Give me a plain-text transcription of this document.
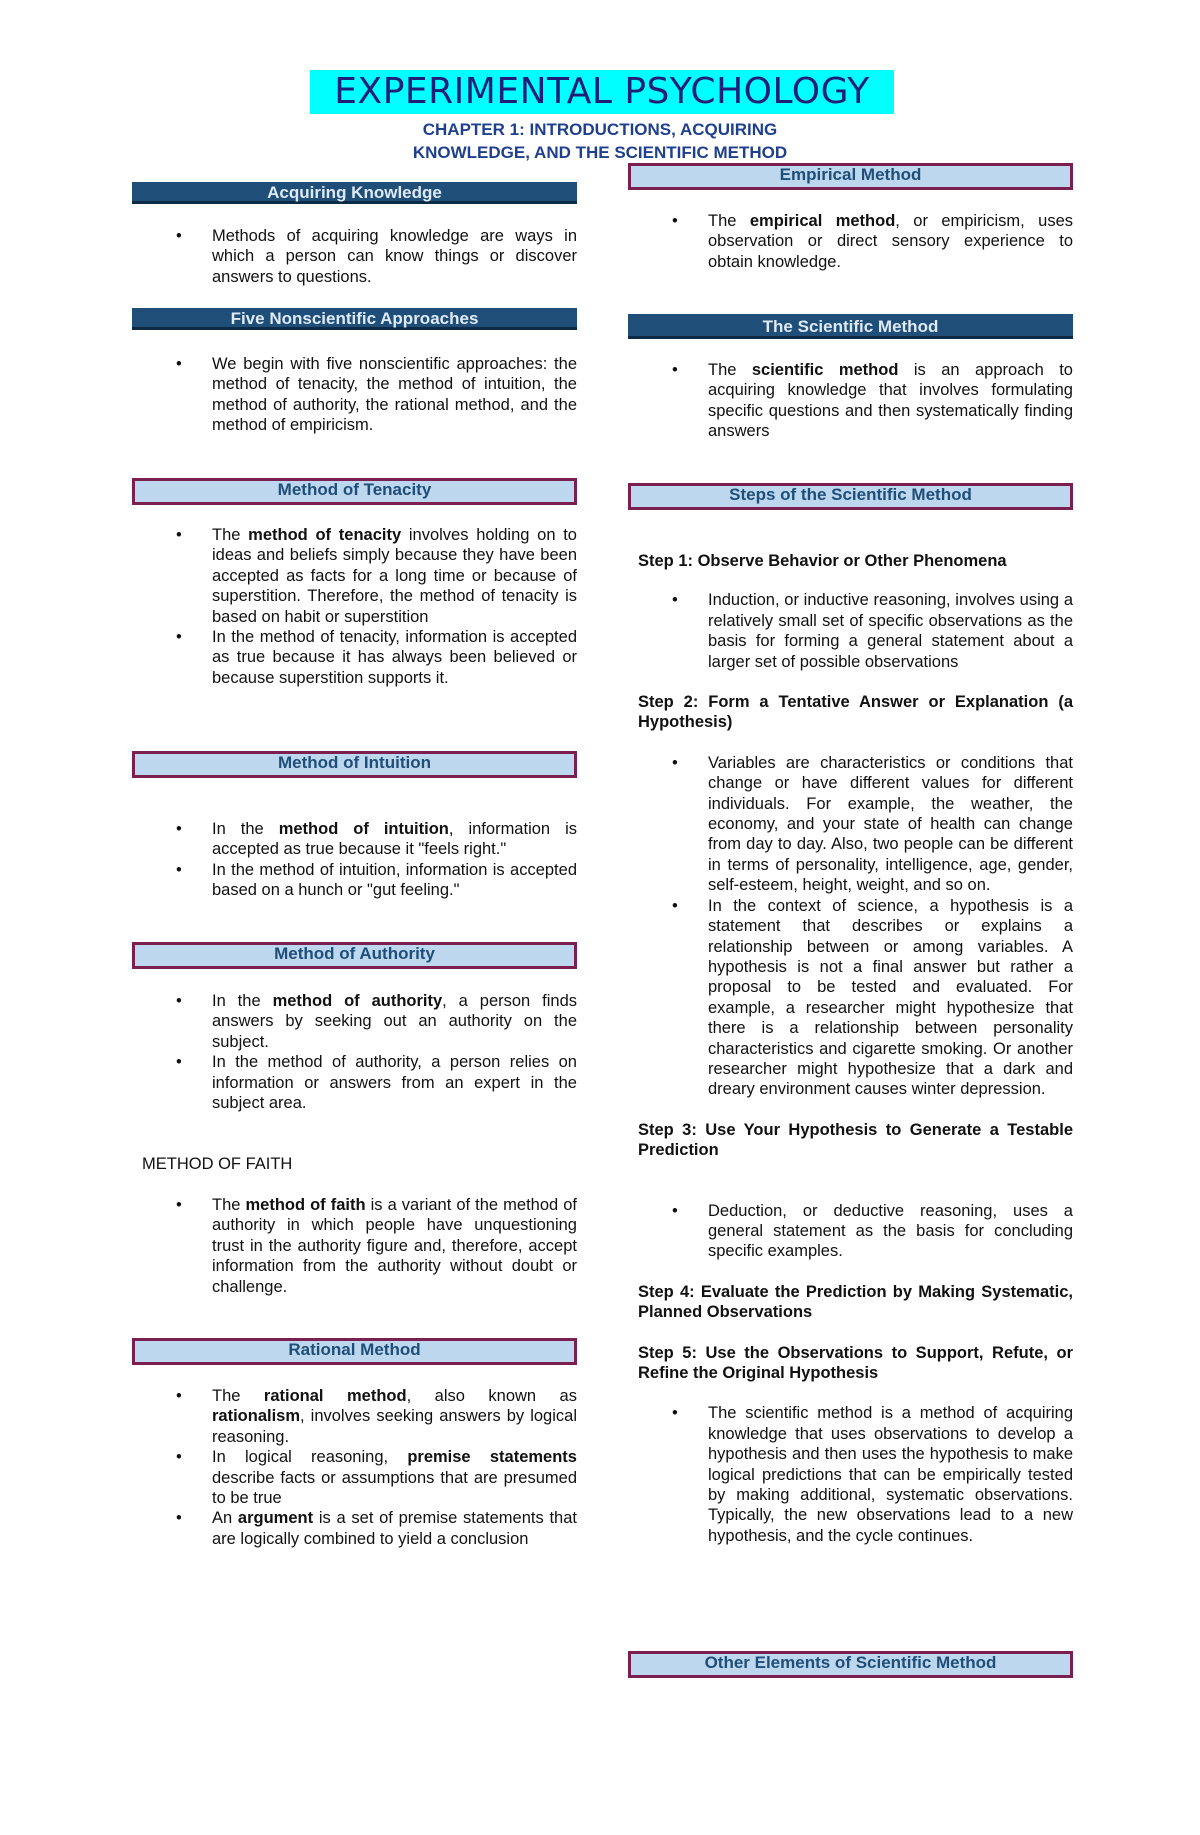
EXPERIMENTAL PSYCHOLOGY
CHAPTER 1: INTRODUCTIONS, ACQUIRING
KNOWLEDGE, AND THE SCIENTIFIC METHOD
Acquiring Knowledge
• Methods of acquiring knowledge are ways in which a person can know things or discover answers to questions.
Five Nonscientific Approaches
• We begin with five nonscientific approaches: the method of tenacity, the method of intuition, the method of authority, the rational method, and the method of empiricism.
Method of Tenacity
• The method of tenacity involves holding on to ideas and beliefs simply because they have been accepted as facts for a long time or because of superstition. Therefore, the method of tenacity is based on habit or superstition
• In the method of tenacity, information is accepted as true because it has always been believed or because superstition supports it.
Method of Intuition
• In the method of intuition, information is accepted as true because it "feels right."
• In the method of intuition, information is accepted based on a hunch or "gut feeling."
Method of Authority
• In the method of authority, a person finds answers by seeking out an authority on the subject.
• In the method of authority, a person relies on information or answers from an expert in the subject area.
METHOD OF FAITH
• The method of faith is a variant of the method of authority in which people have unquestioning trust in the authority figure and, therefore, accept information from the authority without doubt or challenge.
Rational Method
• The rational method, also known as rationalism, involves seeking answers by logical reasoning.
• In logical reasoning, premise statements describe facts or assumptions that are presumed to be true
• An argument is a set of premise statements that are logically combined to yield a conclusion
Empirical Method
• The empirical method, or empiricism, uses observation or direct sensory experience to obtain knowledge.
The Scientific Method
• The scientific method is an approach to acquiring knowledge that involves formulating specific questions and then systematically finding answers
Steps of the Scientific Method
Step 1: Observe Behavior or Other Phenomena
• Induction, or inductive reasoning, involves using a relatively small set of specific observations as the basis for forming a general statement about a larger set of possible observations
Step 2: Form a Tentative Answer or Explanation (a Hypothesis)
• Variables are characteristics or conditions that change or have different values for different individuals. For example, the weather, the economy, and your state of health can change from day to day. Also, two people can be different in terms of personality, intelligence, age, gender, self-esteem, height, weight, and so on.
• In the context of science, a hypothesis is a statement that describes or explains a relationship between or among variables. A hypothesis is not a final answer but rather a proposal to be tested and evaluated. For example, a researcher might hypothesize that there is a relationship between personality characteristics and cigarette smoking. Or another researcher might hypothesize that a dark and dreary environment causes winter depression.
Step 3: Use Your Hypothesis to Generate a Testable Prediction
• Deduction, or deductive reasoning, uses a general statement as the basis for concluding specific examples.
Step 4: Evaluate the Prediction by Making Systematic, Planned Observations
Step 5: Use the Observations to Support, Refute, or Refine the Original Hypothesis
• The scientific method is a method of acquiring knowledge that uses observations to develop a hypothesis and then uses the hypothesis to make logical predictions that can be empirically tested by making additional, systematic observations. Typically, the new observations lead to a new hypothesis, and the cycle continues.
Other Elements of Scientific Method
